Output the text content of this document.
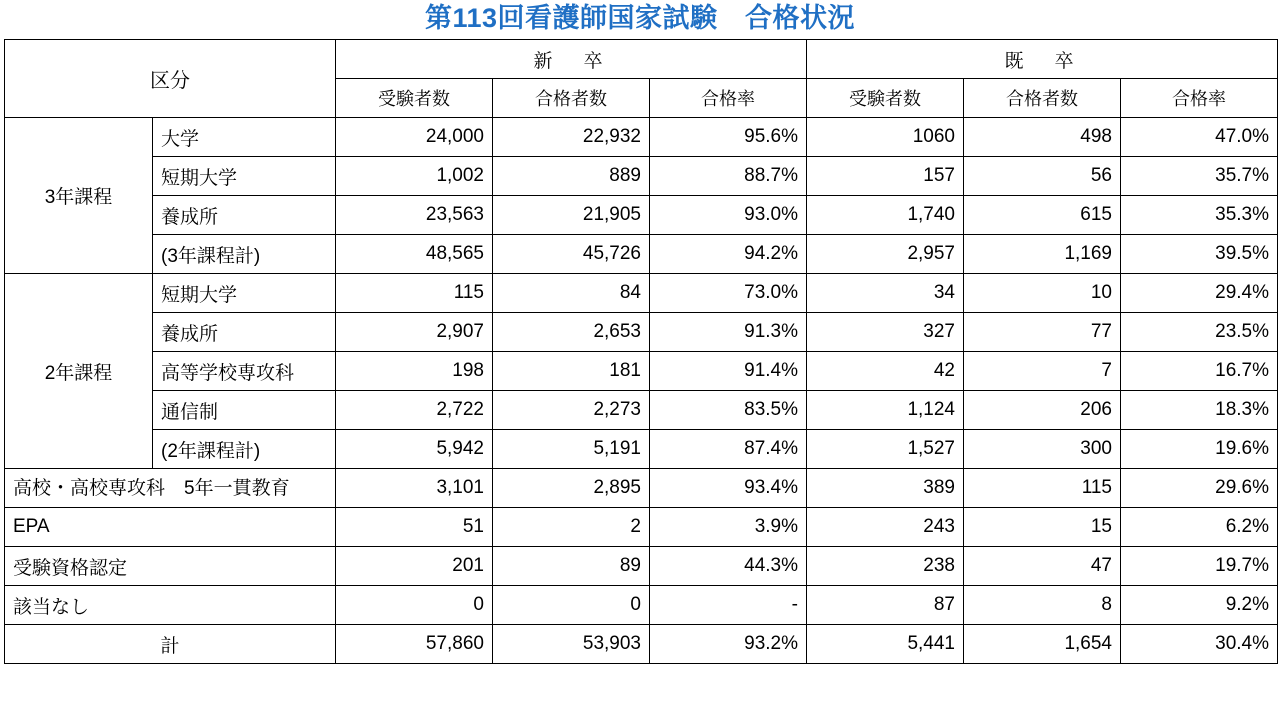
第113回看護師国家試験　合格状況
区分		新　卒			既　卒		
		受験者数	合格者数	合格率	受験者数	合格者数	合格率
3年課程	大学	24,000	22,932	95.6%	1060	498	47.0%
	短期大学	1,002	889	88.7%	157	56	35.7%
	養成所	23,563	21,905	93.0%	1,740	615	35.3%
	(3年課程計)	48,565	45,726	94.2%	2,957	1,169	39.5%
2年課程	短期大学	115	84	73.0%	34	10	29.4%
	養成所	2,907	2,653	91.3%	327	77	23.5%
	高等学校専攻科	198	181	91.4%	42	7	16.7%
	通信制	2,722	2,273	83.5%	1,124	206	18.3%
	(2年課程計)	5,942	5,191	87.4%	1,527	300	19.6%
高校・高校専攻科　5年一貫教育		3,101	2,895	93.4%	389	115	29.6%
EPA		51	2	3.9%	243	15	6.2%
受験資格認定		201	89	44.3%	238	47	19.7%
該当なし		0	0	-	87	8	9.2%
計		57,860	53,903	93.2%	5,441	1,654	30.4%
